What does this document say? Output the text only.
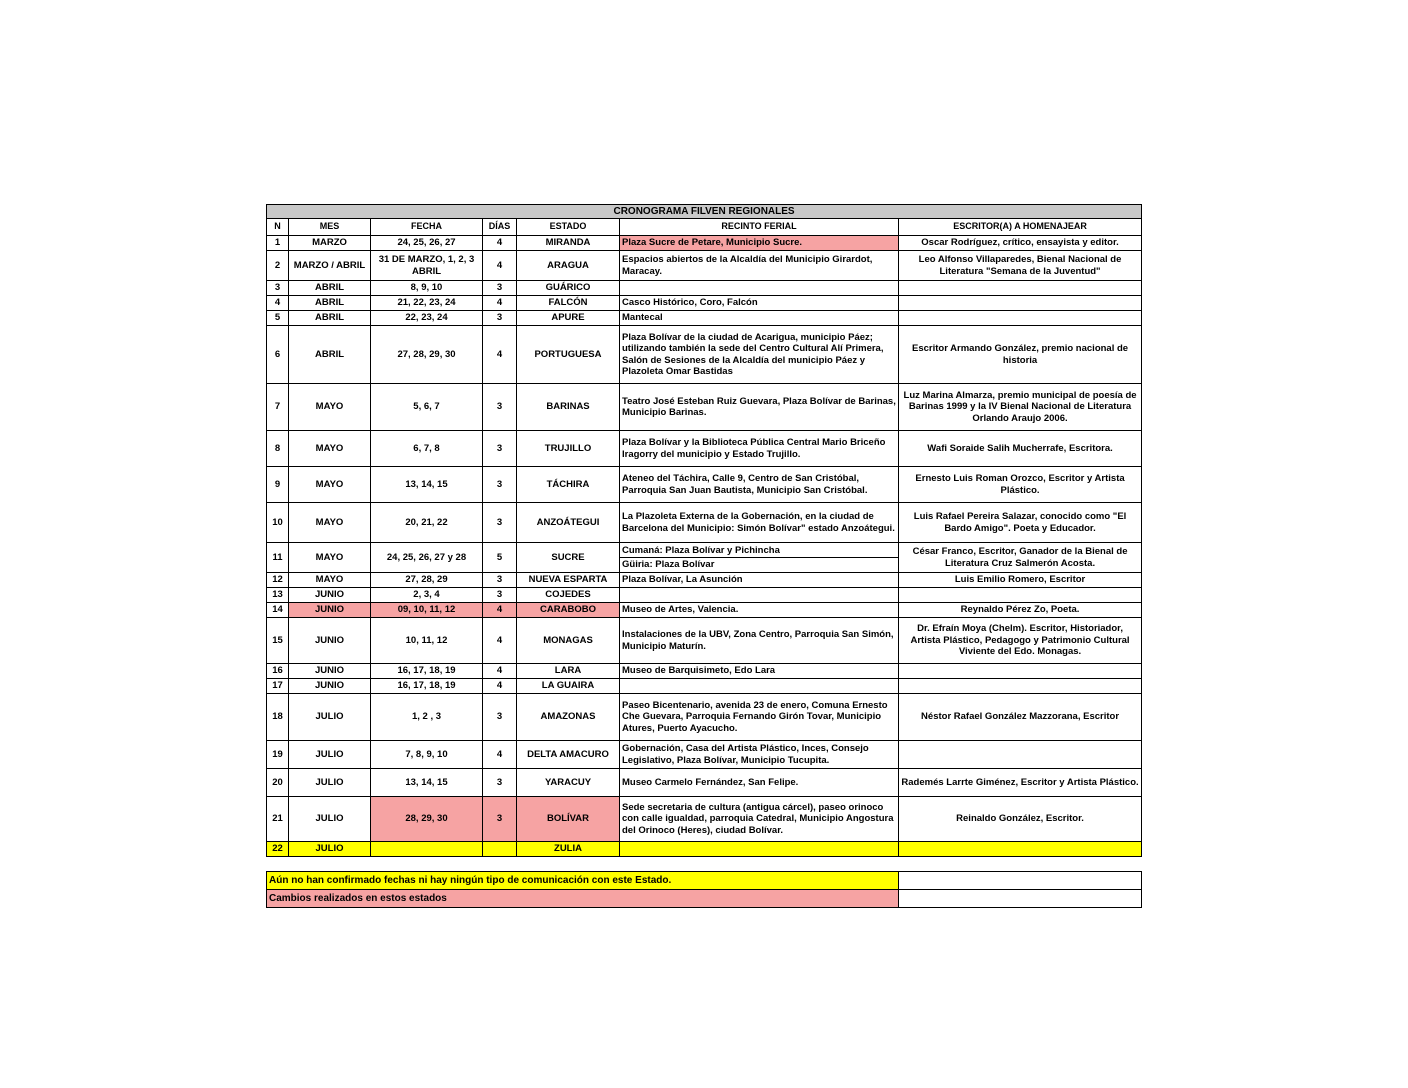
CRONOGRAMA FILVEN REGIONALES						
N	MES	FECHA	DÍAS	ESTADO	RECINTO FERIAL	ESCRITOR(A) A HOMENAJEAR
1	MARZO	24, 25, 26, 27	4	MIRANDA	Plaza Sucre de Petare, Municipio Sucre.	Oscar Rodríguez, crítico, ensayista y editor.
2	MARZO / ABRIL	31 DE MARZO, 1, 2, 3 ABRIL	4	ARAGUA	Espacios abiertos de la Alcaldía del Municipio Girardot, Maracay.	Leo Alfonso Villaparedes, Bienal Nacional de Literatura "Semana de la Juventud"
3	ABRIL	8, 9, 10	3	GUÁRICO	

4	ABRIL	21, 22, 23, 24	4	FALCÓN	Casco Histórico, Coro, Falcón	

5	ABRIL	22, 23, 24	3	APURE	Mantecal	

6	ABRIL	27, 28, 29, 30	4	PORTUGUESA	Plaza Bolívar de la ciudad de Acarigua, municipio Páez; utilizando también la sede del Centro Cultural Alí Primera, Salón de Sesiones de la Alcaldía del municipio Páez y Plazoleta Omar Bastidas	Escritor Armando González, premio nacional de historia
7	MAYO	5, 6, 7	3	BARINAS	Teatro José Esteban Ruiz Guevara, Plaza Bolívar de Barinas, Municipio Barinas.	Luz Marina Almarza, premio municipal de poesía de Barinas 1999 y la IV Bienal Nacional de Literatura Orlando Araujo 2006.
8	MAYO	6, 7, 8	3	TRUJILLO	Plaza Bolívar y la Biblioteca Pública Central Mario Briceño Iragorry del municipio y Estado Trujillo.	Wafi Soraide Salih Mucherrafe, Escritora.
9	MAYO	13, 14, 15	3	TÁCHIRA	Ateneo del Táchira, Calle 9, Centro de San Cristóbal, Parroquia San Juan Bautista, Municipio San Cristóbal.	Ernesto Luis Roman Orozco, Escritor y Artista Plástico.
10	MAYO	20, 21, 22	3	ANZOÁTEGUI	La Plazoleta Externa de la Gobernación, en la ciudad de Barcelona del Municipio: Simón Bolívar" estado Anzoátegui.	Luis Rafael Pereira Salazar, conocido como "El Bardo Amigo". Poeta y Educador.
11	MAYO	24, 25, 26, 27 y 28	5	SUCRE	Cumaná: Plaza Bolívar y Pichincha
Güiria: Plaza Bolívar	César Franco, Escritor, Ganador de la Bienal de Literatura Cruz Salmerón Acosta.
12	MAYO	27, 28, 29	3	NUEVA ESPARTA	Plaza Bolívar, La Asunción	Luis Emilio Romero, Escritor
13	JUNIO	2, 3, 4	3	COJEDES	

14	JUNIO	09, 10, 11, 12	4	CARABOBO	Museo de Artes, Valencia.	Reynaldo Pérez Zo, Poeta.
15	JUNIO	10, 11, 12	4	MONAGAS	Instalaciones de la UBV, Zona Centro, Parroquia San Simón, Municipio Maturín.	Dr. Efraín Moya (Chelm). Escritor, Historiador, Artista Plástico, Pedagogo y Patrimonio Cultural Viviente del Edo. Monagas.
16	JUNIO	16, 17, 18, 19	4	LARA	Museo de Barquisimeto, Edo Lara	

17	JUNIO	16, 17, 18, 19	4	LA GUAIRA	

18	JULIO	1, 2 , 3	3	AMAZONAS	Paseo Bicentenario, avenida 23 de enero, Comuna Ernesto Che Guevara, Parroquia Fernando Girón Tovar, Municipio Atures, Puerto Ayacucho.	Néstor Rafael González Mazzorana, Escritor
19	JULIO	7, 8, 9, 10	4	DELTA AMACURO	Gobernación, Casa del Artista Plástico, Inces, Consejo Legislativo, Plaza Bolívar, Municipio Tucupita.	

20	JULIO	13, 14, 15	3	YARACUY	Museo Carmelo Fernández, San Felipe.	Rademés Larrte Giménez, Escritor y Artista Plástico.
21	JULIO	28, 29, 30	3	BOLÍVAR	Sede secretaria de cultura (antigua cárcel), paseo orinoco con calle igualdad, parroquia Catedral, Municipio Angostura del Orinoco (Heres), ciudad Bolívar.	Reinaldo González, Escritor.
22	JULIO			ZULIA	

Aún no han confirmado fechas ni hay ningún tipo de comunicación con este Estado.	
Cambios realizados en estos estados	
